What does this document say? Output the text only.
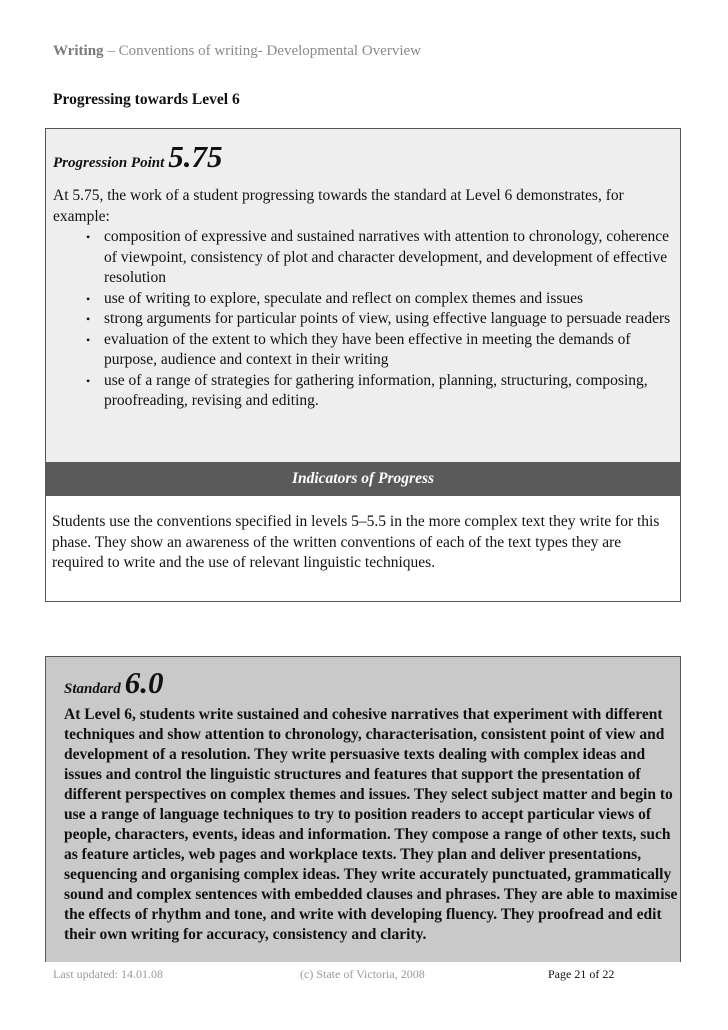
Writing – Conventions of writing- Developmental Overview
Progressing towards Level 6
Progression Point 5.75
At 5.75, the work of a student progressing towards the standard at Level 6 demonstrates, for example:
• composition of expressive and sustained narratives with attention to chronology, coherence of viewpoint, consistency of plot and character development, and development of effective resolution
• use of writing to explore, speculate and reflect on complex themes and issues
• strong arguments for particular points of view, using effective language to persuade readers
• evaluation of the extent to which they have been effective in meeting the demands of purpose, audience and context in their writing
• use of a range of strategies for gathering information, planning, structuring, composing, proofreading, revising and editing.
Indicators of Progress
Students use the conventions specified in levels 5–5.5 in the more complex text they write for this phase. They show an awareness of the written conventions of each of the text types they are required to write and the use of relevant linguistic techniques.
Standard 6.0
At Level 6, students write sustained and cohesive narratives that experiment with different techniques and show attention to chronology, characterisation, consistent point of view and development of a resolution. They write persuasive texts dealing with complex ideas and issues and control the linguistic structures and features that support the presentation of different perspectives on complex themes and issues. They select subject matter and begin to use a range of language techniques to try to position readers to accept particular views of people, characters, events, ideas and information. They compose a range of other texts, such as feature articles, web pages and workplace texts. They plan and deliver presentations, sequencing and organising complex ideas. They write accurately punctuated, grammatically sound and complex sentences with embedded clauses and phrases. They are able to maximise the effects of rhythm and tone, and write with developing fluency. They proofread and edit their own writing for accuracy, consistency and clarity.
Last updated: 14.01.08	(c) State of Victoria, 2008	Page 21 of 22
